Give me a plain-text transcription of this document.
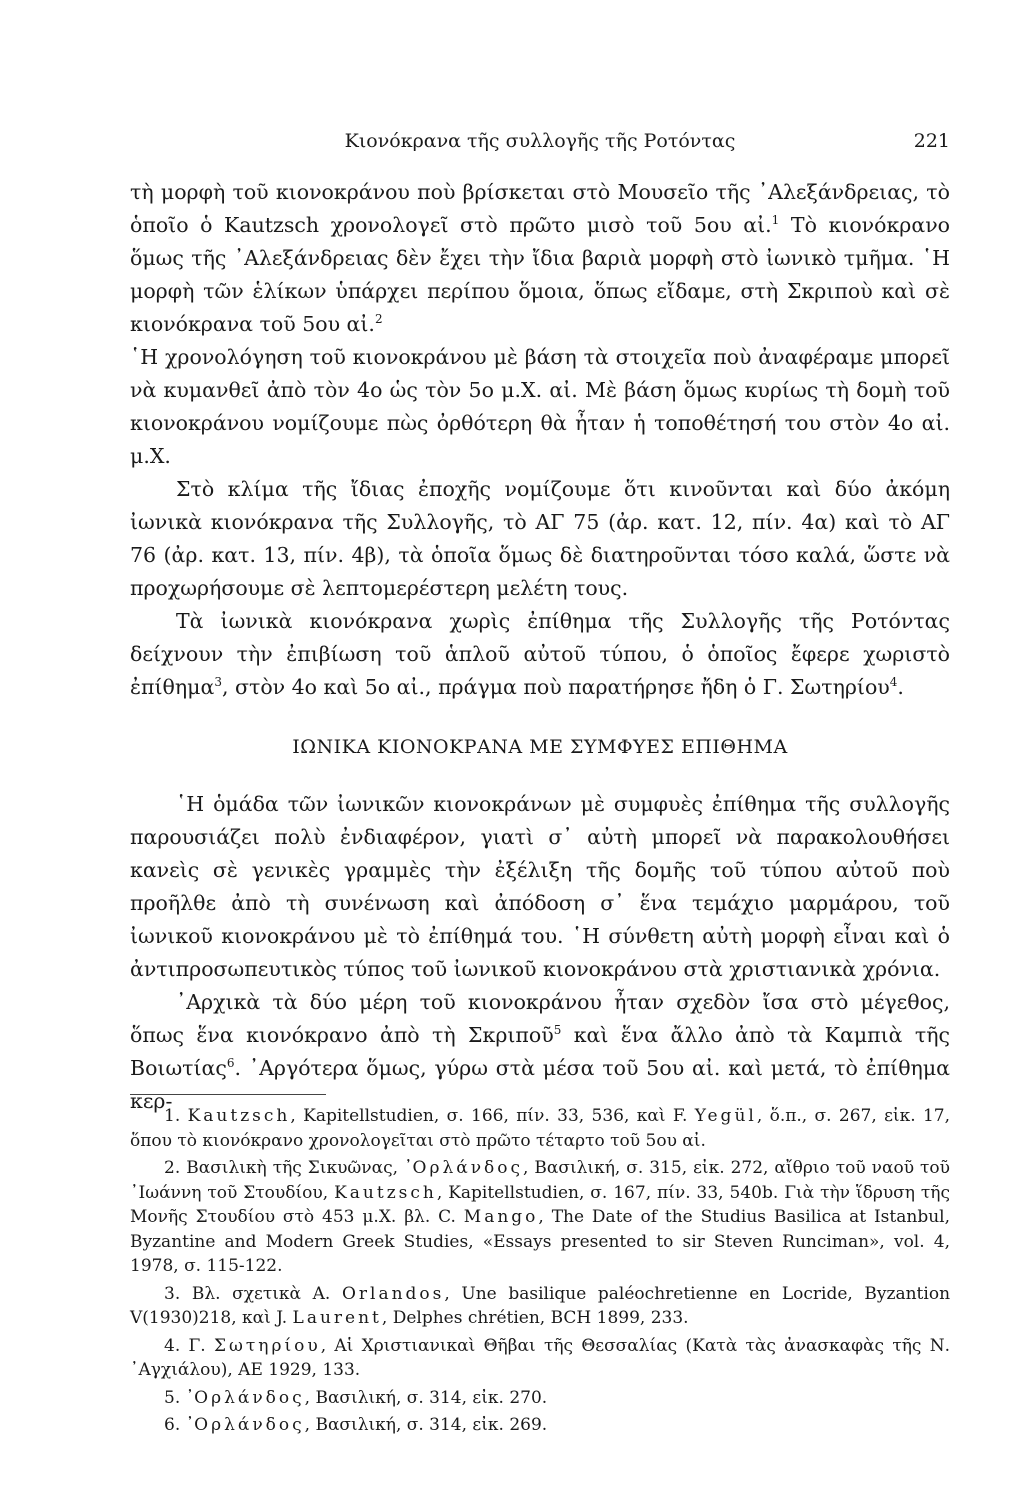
Κιονόκρανα τῆς συλλογῆς τῆς Ροτόντας	221

τὴ μορφὴ τοῦ κιονοκράνου ποὺ βρίσκεται στὸ Μουσεῖο τῆς ᾿Αλεξάνδρειας, τὸ ὁποῖο ὁ Kautzsch χρονολογεῖ στὸ πρῶτο μισὸ τοῦ 5ου αἰ.$^1$ Τὸ κιονόκρανο ὅμως τῆς ᾿Αλεξάνδρειας δὲν ἔχει τὴν ἴδια βαριὰ μορφὴ στὸ ἰωνικὸ τμῆμα. ῾Η μορφὴ τῶν ἑλίκων ὑπάρχει περίπου ὅμοια, ὅπως εἴδαμε, στὴ Σκριποὺ καὶ σὲ κιονόκρανα τοῦ 5ου αἰ.$^2$

῾Η χρονολόγηση τοῦ κιονοκράνου μὲ βάση τὰ στοιχεῖα ποὺ ἀναφέραμε μπορεῖ νὰ κυμανθεῖ ἀπὸ τὸν 4ο ὡς τὸν 5ο μ.Χ. αἰ. Μὲ βάση ὅμως κυρίως τὴ δομὴ τοῦ κιονοκράνου νομίζουμε πὼς ὀρθότερη θὰ ἦταν ἡ τοποθέτησή του στὸν 4ο αἰ. μ.Χ.

Στὸ κλίμα τῆς ἴδιας ἐποχῆς νομίζουμε ὅτι κινοῦνται καὶ δύο ἀκόμη ἰωνικὰ κιονόκρανα τῆς Συλλογῆς, τὸ ΑΓ 75 (ἀρ. κατ. 12, πίν. 4α) καὶ τὸ ΑΓ 76 (ἀρ. κατ. 13, πίν. 4β), τὰ ὁποῖα ὅμως δὲ διατηροῦνται τόσο καλά, ὥστε νὰ προχωρήσουμε σὲ λεπτομερέστερη μελέτη τους.

Τὰ ἰωνικὰ κιονόκρανα χωρὶς ἐπίθημα τῆς Συλλογῆς τῆς Ροτόντας δείχνουν τὴν ἐπιβίωση τοῦ ἁπλοῦ αὐτοῦ τύπου, ὁ ὁποῖος ἔφερε χωριστὸ ἐπίθημα$^3$, στὸν 4ο καὶ 5ο αἰ., πράγμα ποὺ παρατήρησε ἤδη ὁ Γ. Σωτηρίου$^4$.

ΙΩΝΙΚΑ ΚΙΟΝΟΚΡΑΝΑ ΜΕ ΣΥΜΦΥΕΣ ΕΠΙΘΗΜΑ

῾Η ὁμάδα τῶν ἰωνικῶν κιονοκράνων μὲ συμφυὲς ἐπίθημα τῆς συλλογῆς παρουσιάζει πολὺ ἐνδιαφέρον, γιατὶ σ᾿ αὐτὴ μπορεῖ νὰ παρακολουθήσει κανεὶς σὲ γενικὲς γραμμὲς τὴν ἐξέλιξη τῆς δομῆς τοῦ τύπου αὐτοῦ ποὺ προῆλθε ἀπὸ τὴ συνένωση καὶ ἀπόδοση σ᾿ ἕνα τεμάχιο μαρμάρου, τοῦ ἰωνικοῦ κιονοκράνου μὲ τὸ ἐπίθημά του. ῾Η σύνθετη αὐτὴ μορφὴ εἶναι καὶ ὁ ἀντιπροσωπευτικὸς τύπος τοῦ ἰωνικοῦ κιονοκράνου στὰ χριστιανικὰ χρόνια.

᾿Αρχικὰ τὰ δύο μέρη τοῦ κιονοκράνου ἦταν σχεδὸν ἴσα στὸ μέγεθος, ὅπως ἕνα κιονόκρανο ἀπὸ τὴ Σκριποῦ$^5$ καὶ ἕνα ἄλλο ἀπὸ τὰ Καμπιὰ τῆς Βοιωτίας$^6$. ᾿Αργότερα ὅμως, γύρω στὰ μέσα τοῦ 5ου αἰ. καὶ μετά, τὸ ἐπίθημα κερ-

1. Kautzsch, Kapitellstudien, σ. 166, πίν. 33, 536, καὶ F. Yegül, ὅ.π., σ. 267, εἰκ. 17, ὅπου τὸ κιονόκρανο χρονολογεῖται στὸ πρῶτο τέταρτο τοῦ 5ου αἰ.

2. Βασιλικὴ τῆς Σικυῶνας, ᾿Ορλάνδος, Βασιλική, σ. 315, εἰκ. 272, αἴθριο τοῦ ναοῦ τοῦ ᾿Ιωάννη τοῦ Στουδίου, Kautzsch, Kapitellstudien, σ. 167, πίν. 33, 540b. Γιὰ τὴν ἵδρυση τῆς Μονῆς Στουδίου στὸ 453 μ.Χ. βλ. C. Mango, The Date of the Studius Basilica at Istanbul, Byzantine and Modern Greek Studies, «Essays presented to sir Steven Runciman», vol. 4, 1978, σ. 115-122.

3. Βλ. σχετικὰ A. Orlandos, Une basilique paléochretienne en Locride, Byzantion V(1930)218, καὶ J. Laurent, Delphes chrétien, BCH 1899, 233.

4. Γ. Σωτηρίου, Αἱ Χριστιανικαὶ Θῆβαι τῆς Θεσσαλίας (Κατὰ τὰς ἀνασκαφὰς τῆς Ν. ᾿Αγχιάλου), ΑΕ 1929, 133.

5. ᾿Ορλάνδος, Βασιλική, σ. 314, εἰκ. 270.

6. ᾿Ορλάνδος, Βασιλική, σ. 314, εἰκ. 269.
